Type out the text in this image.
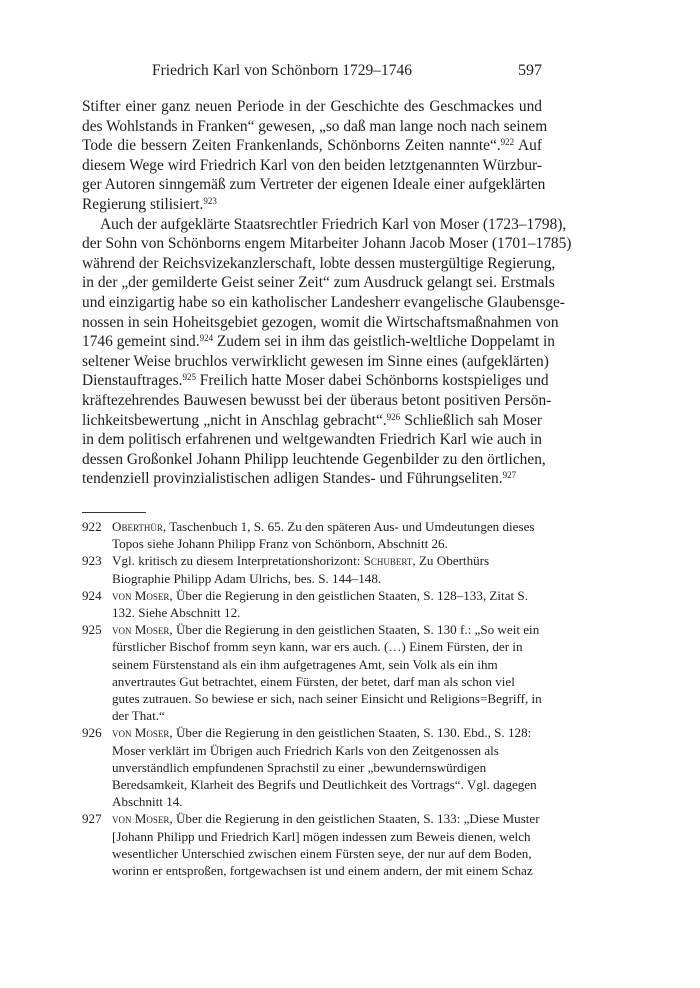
Friedrich Karl von Schönborn 1729–1746	597

Stifter einer ganz neuen Periode in der Geschichte des Geschmackes und
des Wohlstands in Franken“ gewesen, „so daß man lange noch nach seinem
Tode die bessern Zeiten Frankenlands, Schönborns Zeiten nannte“.$^{922}$ Auf
diesem Wege wird Friedrich Karl von den beiden letztgenannten Würzbur-
ger Autoren sinngemäß zum Vertreter der eigenen Ideale einer aufgeklärten
Regierung stilisiert.$^{923}$

Auch der aufgeklärte Staatsrechtler Friedrich Karl von Moser (1723–1798),
der Sohn von Schönborns engem Mitarbeiter Johann Jacob Moser (1701–1785)
während der Reichsvizekanzlerschaft, lobte dessen mustergültige Regierung,
in der „der gemilderte Geist seiner Zeit“ zum Ausdruck gelangt sei. Erstmals
und einzigartig habe so ein katholischer Landesherr evangelische Glaubensge-
nossen in sein Hoheitsgebiet gezogen, womit die Wirtschaftsmaßnahmen von
1746 gemeint sind.$^{924}$ Zudem sei in ihm das geistlich-weltliche Doppelamt in
seltener Weise bruchlos verwirklicht gewesen im Sinne eines (aufgeklärten)
Dienstauftrages.$^{925}$ Freilich hatte Moser dabei Schönborns kostspieliges und
kräftezehrendes Bauwesen bewusst bei der überaus betont positiven Persön-
lichkeitsbewertung „nicht in Anschlag gebracht“.$^{926}$ Schließlich sah Moser
in dem politisch erfahrenen und weltgewandten Friedrich Karl wie auch in
dessen Großonkel Johann Philipp leuchtende Gegenbilder zu den örtlichen,
tendenziell provinzialistischen adligen Standes- und Führungseliten.$^{927}$

922 Oberthür, Taschenbuch 1, S. 65. Zu den späteren Aus- und Umdeutungen dieses Topos siehe Johann Philipp Franz von Schönborn, Abschnitt 26.

923 Vgl. kritisch zu diesem Interpretationshorizont: Schubert, Zu Oberthürs Biographie Philipp Adam Ulrichs, bes. S. 144–148.

924 von Moser, Über die Regierung in den geistlichen Staaten, S. 128–133, Zitat S. 132. Siehe Abschnitt 12.

925 von Moser, Über die Regierung in den geistlichen Staaten, S. 130 f.: „So weit ein fürstlicher Bischof fromm seyn kann, war ers auch. (…) Einem Fürsten, der in seinem Fürstenstand als ein ihm aufgetragenes Amt, sein Volk als ein ihm anvertrautes Gut betrachtet, einem Fürsten, der betet, darf man als schon viel gutes zutrauen. So bewiese er sich, nach seiner Einsicht und Religions=Begriff, in der That.“

926 von Moser, Über die Regierung in den geistlichen Staaten, S. 130. Ebd., S. 128: Moser verklärt im Übrigen auch Friedrich Karls von den Zeitgenossen als unverständlich empfundenen Sprachstil zu einer „bewundernswürdigen Beredsamkeit, Klarheit des Begrifs und Deutlichkeit des Vortrags“. Vgl. dagegen Abschnitt 14.

927 von Moser, Über die Regierung in den geistlichen Staaten, S. 133: „Diese Muster [Johann Philipp und Friedrich Karl] mögen indessen zum Beweis dienen, welch wesentlicher Unterschied zwischen einem Fürsten seye, der nur auf dem Boden, worinn er entsproßen, fortgewachsen ist und einem andern, der mit einem Schaz
